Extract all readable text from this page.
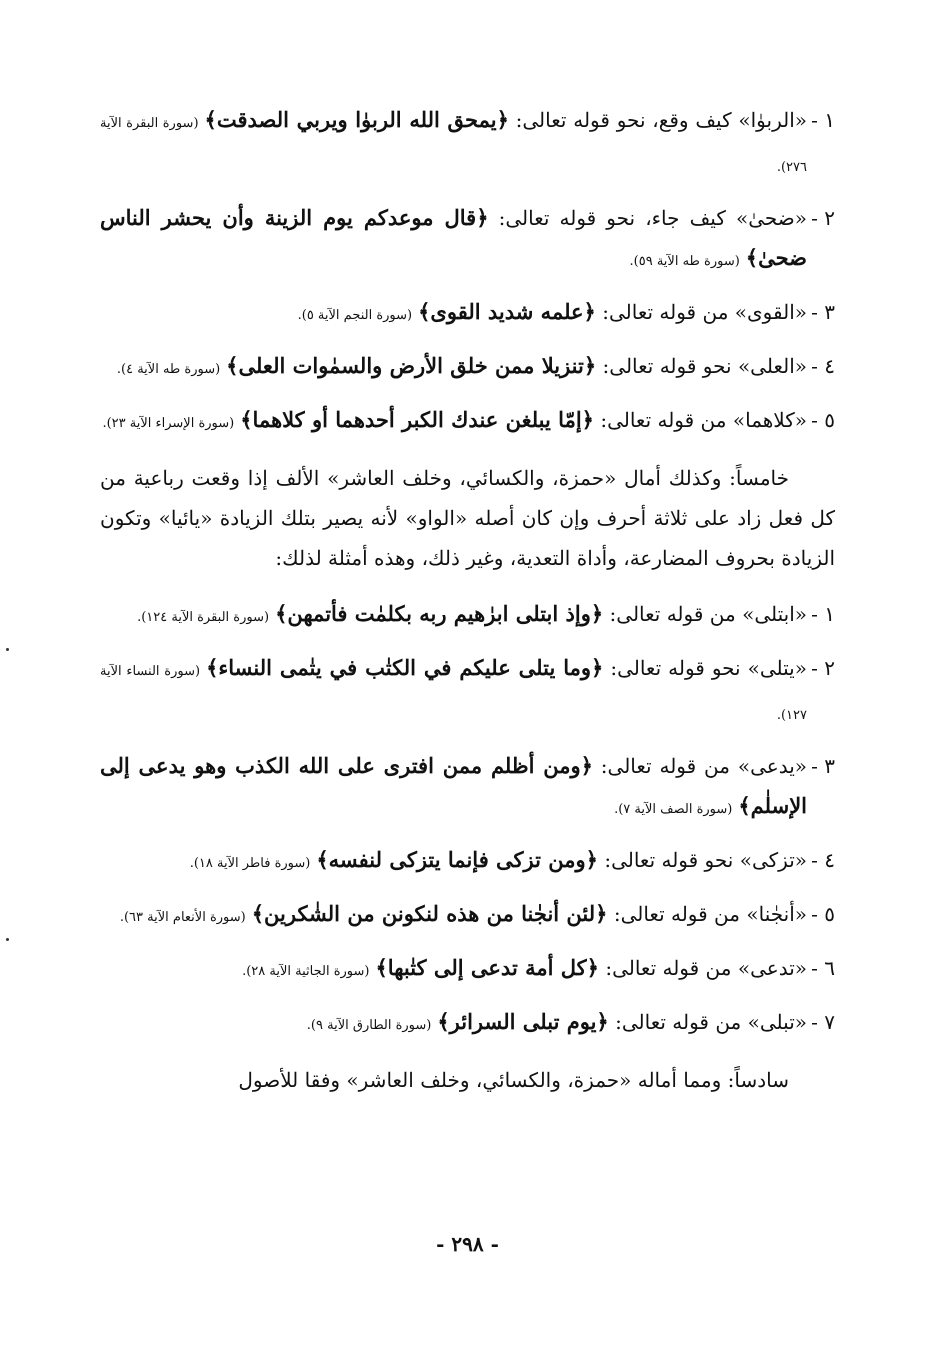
١ -
«الربوٰا» كيف وقع، نحو قوله تعالى: ﴿يمحق الله الربوٰا ويربي الصدقت﴾(سورة البقرة الآية ٢٧٦).
٢ -
«ضحىٰ» كيف جاء، نحو قوله تعالى: ﴿قال موعدكم يوم الزينة وأن يحشر الناس ضحىٰ﴾(سورة طه الآية ٥٩).
٣ -
«القوى» من قوله تعالى: ﴿علمه شديد القوى﴾(سورة النجم الآية ٥).
٤ -
«العلى» نحو قوله تعالى: ﴿تنزيلا ممن خلق الأرض والسمٰوات العلى﴾(سورة طه الآية ٤).
٥ -
«كلاهما» من قوله تعالى: ﴿إمّا يبلغن عندك الكبر أحدهما أو كلاهما﴾(سورة الإسراء الآية ٢٣).

خامساً: وكذلك أمال «حمزة، والكسائي، وخلف العاشر» الألف إذا وقعت رباعية من كل فعل زاد على ثلاثة أحرف وإن كان أصله «الواو» لأنه يصير بتلك الزيادة «يائيا» وتكون الزيادة بحروف المضارعة، وأداة التعدية، وغير ذلك، وهذه أمثلة لذلك:

١ -
«ابتلى» من قوله تعالى: ﴿وإذ ابتلى ابرٰهيم ربه بكلمٰت فأتمهن﴾(سورة البقرة الآية ١٢٤).
٢ -
«يتلى» نحو قوله تعالى: ﴿وما يتلى عليكم في الكتٰب في يتٰمى النساء﴾(سورة النساء الآية ١٢٧).
٣ -
«يدعى» من قوله تعالى: ﴿ومن أظلم ممن افترى على الله الكذب وهو يدعى إلى الإسلٰم﴾(سورة الصف الآية ٧).
٤ -
«تزكى» نحو قوله تعالى: ﴿ومن تزكى فإنما يتزكى لنفسه﴾(سورة فاطر الآية ١٨).
٥ -
«أنجٰنا» من قوله تعالى: ﴿لئن أنجٰنا من هذه لنكونن من الشٰكرين﴾(سورة الأنعام الآية ٦٣).
٦ -
«تدعى» من قوله تعالى: ﴿كل أمة تدعى إلى كتٰبها﴾(سورة الجاثية الآية ٢٨).
٧ -
«تبلى» من قوله تعالى: ﴿يوم تبلى السرائر﴾(سورة الطارق الآية ٩).

سادساً: ومما أماله «حمزة، والكسائي، وخلف العاشر» وفقا للأصول

- ٢٩٨ -
